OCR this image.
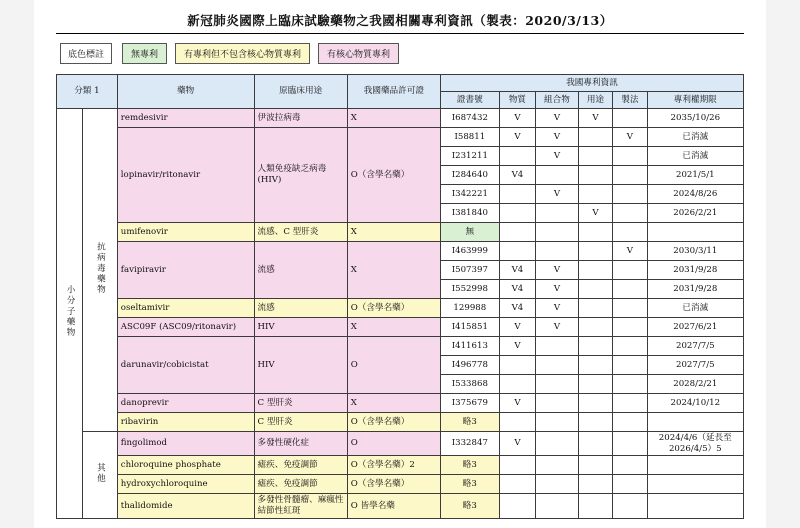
新冠肺炎國際上臨床試驗藥物之我國相關專利資訊（製表：2020/3/13）
底色標註	無專利	有專利但不包含核心物質專利	有核心物質專利
分類 1		藥物	原臨床用途	我國藥品許可證	我國專利資訊					
					證書號	物質	組合物	用途	製法	專利權期限
小分子藥物	抗病毒藥物	remdesivir	伊波拉病毒	X	I687432	V	V	V		2035/10/26
		lopinavir/ritonavir	人類免疫缺乏病毒(HIV)	O（含學名藥）	I58811	V	V		V	已消滅
					I231211		V			已消滅
					I284640	V4				2021/5/1
					I342221		V			2024/8/26
					I381840			V		2026/2/21
		umifenovir	流感、C 型肝炎	X	無					
		favipiravir	流感	X	I463999				V	2030/3/11
					I507397	V4	V			2031/9/28
					I552998	V4	V			2031/9/28
		oseltamivir	流感	O（含學名藥）	129988	V4	V			已消滅
		ASC09F (ASC09/ritonavir)	HIV	X	I415851	V	V			2027/6/21
		darunavir/cobicistat	HIV	O	I411613	V				2027/7/5
					I496778					2027/7/5
					I533868					2028/2/21
		danoprevir	C 型肝炎	X	I375679	V				2024/10/12
		ribavirin	C 型肝炎	O（含學名藥）	略3					
	其他	fingolimod	多發性硬化症	O	I332847	V				2024/4/6（延長至 2026/4/5）5
		chloroquine phosphate	瘧疾、免疫調節	O（含學名藥）2	略3					
		hydroxychloroquine	瘧疾、免疫調節	O（含學名藥）	略3					
		thalidomide	多發性骨髓瘤、麻瘋性結節性紅斑	O 皆學名藥	略3					
